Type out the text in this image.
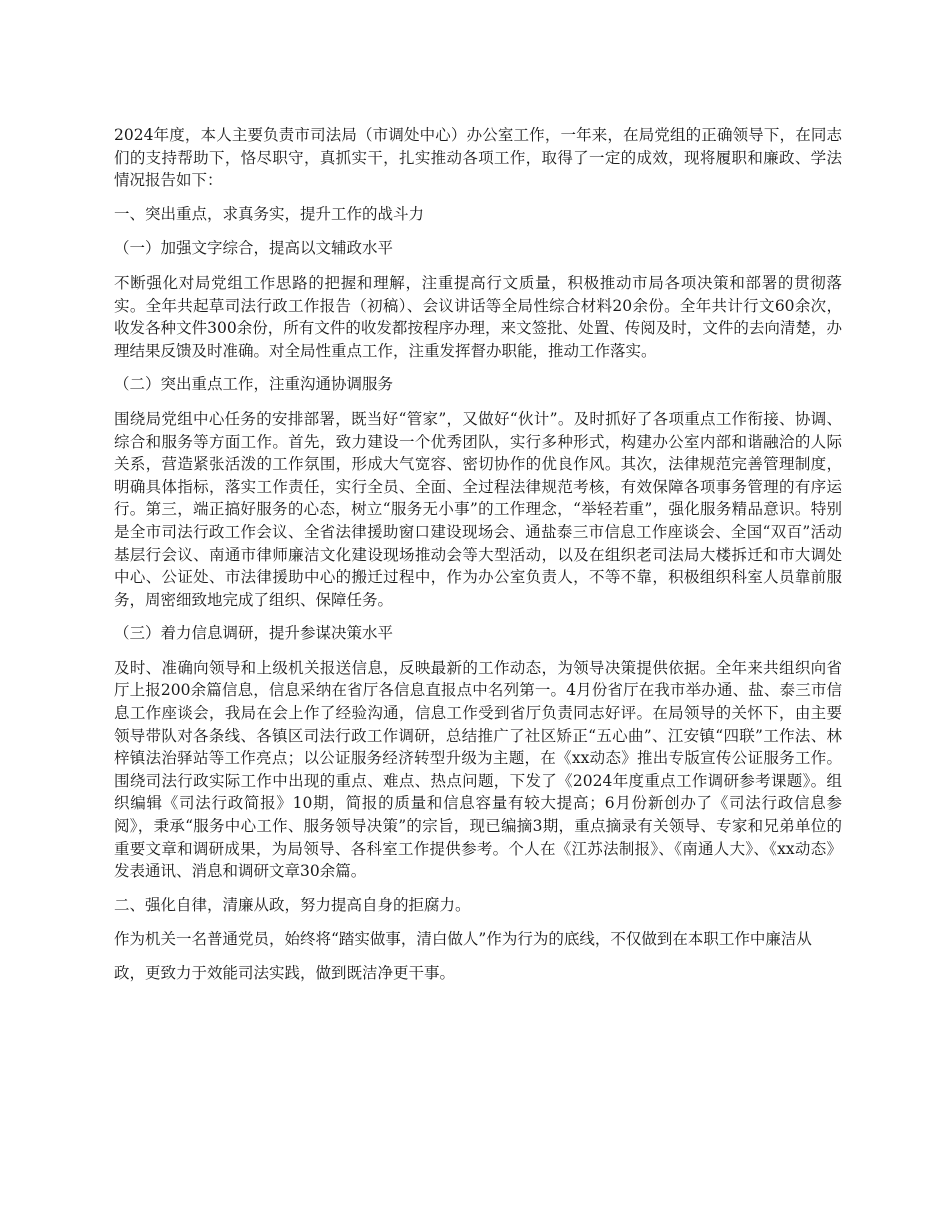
2024年度，本人主要负责市司法局（市调处中心）办公室工作，一年来，在局党组的正确领导下，在同志们的支持帮助下，恪尽职守，真抓实干，扎实推动各项工作，取得了一定的成效，现将履职和廉政、学法情况报告如下：

一、突出重点，求真务实，提升工作的战斗力

（一）加强文字综合，提高以文辅政水平

不断强化对局党组工作思路的把握和理解，注重提高行文质量，积极推动市局各项决策和部署的贯彻落实。全年共起草司法行政工作报告（初稿）、会议讲话等全局性综合材料20余份。全年共计行文60余次，收发各种文件300余份，所有文件的收发都按程序办理，来文签批、处置、传阅及时，文件的去向清楚，办理结果反馈及时准确。对全局性重点工作，注重发挥督办职能，推动工作落实。

（二）突出重点工作，注重沟通协调服务

围绕局党组中心任务的安排部署，既当好“管家”，又做好“伙计”。及时抓好了各项重点工作衔接、协调、综合和服务等方面工作。首先，致力建设一个优秀团队，实行多种形式，构建办公室内部和谐融洽的人际关系，营造紧张活泼的工作氛围，形成大气宽容、密切协作的优良作风。其次，法律规范完善管理制度，明确具体指标，落实工作责任，实行全员、全面、全过程法律规范考核，有效保障各项事务管理的有序运行。第三，端正搞好服务的心态，树立“服务无小事”的工作理念，“举轻若重”，强化服务精品意识。特别是全市司法行政工作会议、全省法律援助窗口建设现场会、通盐泰三市信息工作座谈会、全国“双百”活动基层行会议、南通市律师廉洁文化建设现场推动会等大型活动，以及在组织老司法局大楼拆迁和市大调处中心、公证处、市法律援助中心的搬迁过程中，作为办公室负责人，不等不靠，积极组织科室人员靠前服务，周密细致地完成了组织、保障任务。

（三）着力信息调研，提升参谋决策水平

及时、准确向领导和上级机关报送信息，反映最新的工作动态，为领导决策提供依据。全年来共组织向省厅上报200余篇信息，信息采纳在省厅各信息直报点中名列第一。4月份省厅在我市举办通、盐、泰三市信息工作座谈会，我局在会上作了经验沟通，信息工作受到省厅负责同志好评。在局领导的关怀下，由主要领导带队对各条线、各镇区司法行政工作调研，总结推广了社区矫正“五心曲”、江安镇“四联”工作法、林梓镇法治驿站等工作亮点；以公证服务经济转型升级为主题，在《xx动态》推出专版宣传公证服务工作。围绕司法行政实际工作中出现的重点、难点、热点问题，下发了《2024年度重点工作调研参考课题》。组织编辑《司法行政简报》10期，简报的质量和信息容量有较大提高；6月份新创办了《司法行政信息参阅》，秉承“服务中心工作、服务领导决策”的宗旨，现已编摘3期，重点摘录有关领导、专家和兄弟单位的重要文章和调研成果，为局领导、各科室工作提供参考。个人在《江苏法制报》、《南通人大》、《xx动态》发表通讯、消息和调研文章30余篇。

二、强化自律，清廉从政，努力提高自身的拒腐力。

作为机关一名普通党员，始终将“踏实做事，清白做人”作为行为的底线，不仅做到在本职工作中廉洁从

政，更致力于效能司法实践，做到既洁净更干事。
